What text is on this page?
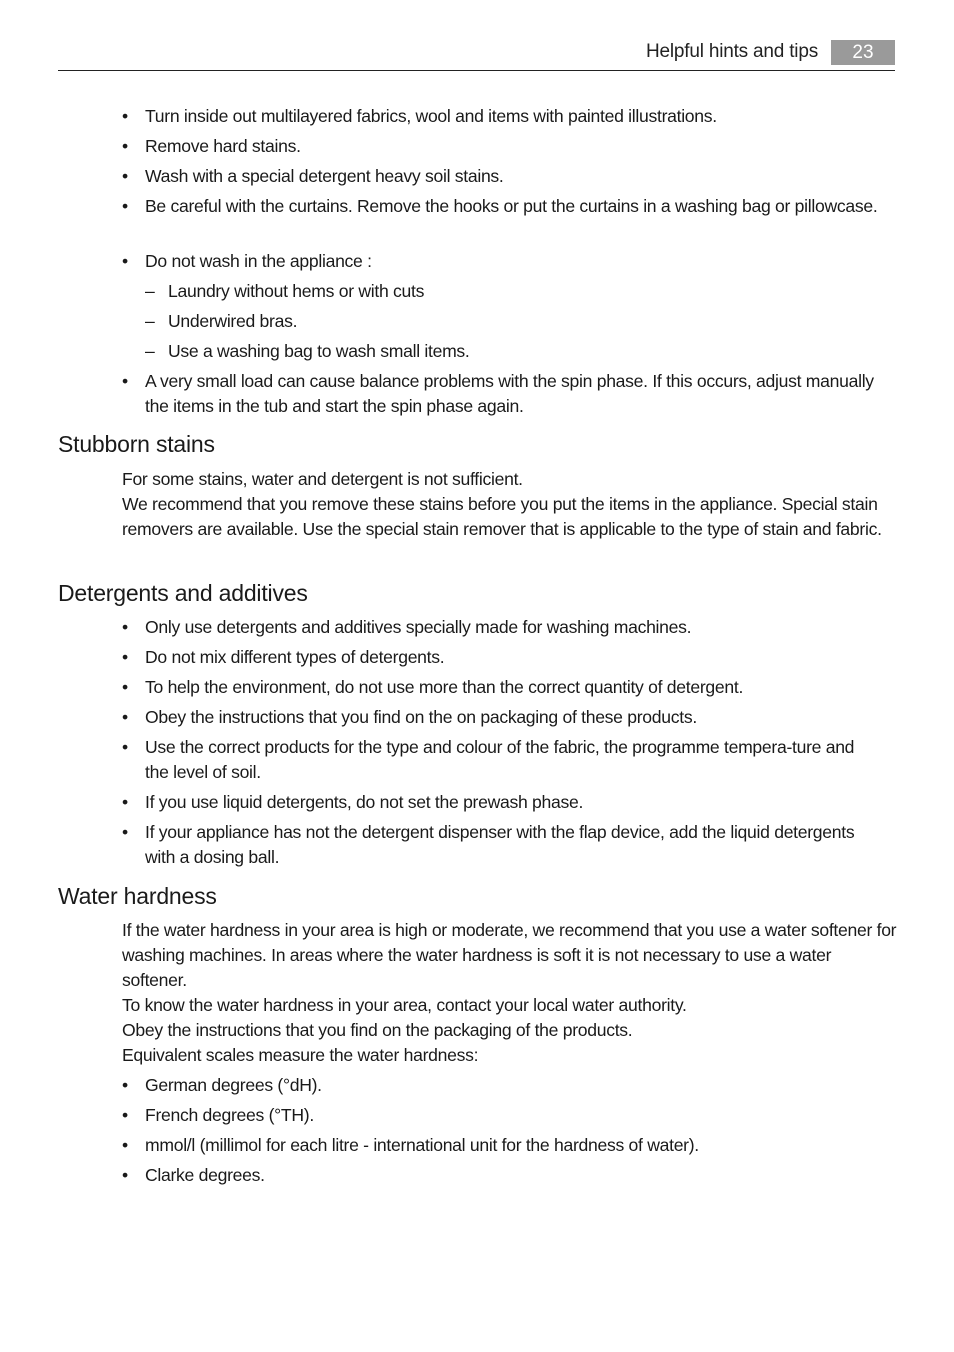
Helpful hints and tips	23
• Turn inside out multilayered fabrics, wool and items with painted illustrations.
• Remove hard stains.
• Wash with a special detergent heavy soil stains.
• Be careful with the curtains. Remove the hooks or put the curtains in a washing bag or pillowcase.
• Do not wash in the appliance :
– Laundry without hems or with cuts
– Underwired bras.
– Use a washing bag to wash small items.
• A very small load can cause balance problems with the spin phase. If this occurs, adjust manually the items in the tub and start the spin phase again.
Stubborn stains
For some stains, water and detergent is not sufficient.
We recommend that you remove these stains before you put the items in the appliance. Special stain removers are available. Use the special stain remover that is applicable to the type of stain and fabric.
Detergents and additives
• Only use detergents and additives specially made for washing machines.
• Do not mix different types of detergents.
• To help the environment, do not use more than the correct quantity of detergent.
• Obey the instructions that you find on the on packaging of these products.
• Use the correct products for the type and colour of the fabric, the programme tempera-ture and the level of soil.
• If you use liquid detergents, do not set the prewash phase.
• If your appliance has not the detergent dispenser with the flap device, add the liquid detergents with a dosing ball.
Water hardness
If the water hardness in your area is high or moderate, we recommend that you use a water softener for washing machines. In areas where the water hardness is soft it is not necessary to use a water softener.
To know the water hardness in your area, contact your local water authority.
Obey the instructions that you find on the packaging of the products.
Equivalent scales measure the water hardness:
• German degrees (°dH).
• French degrees (°TH).
• mmol/l (millimol for each litre - international unit for the hardness of water).
• Clarke degrees.
